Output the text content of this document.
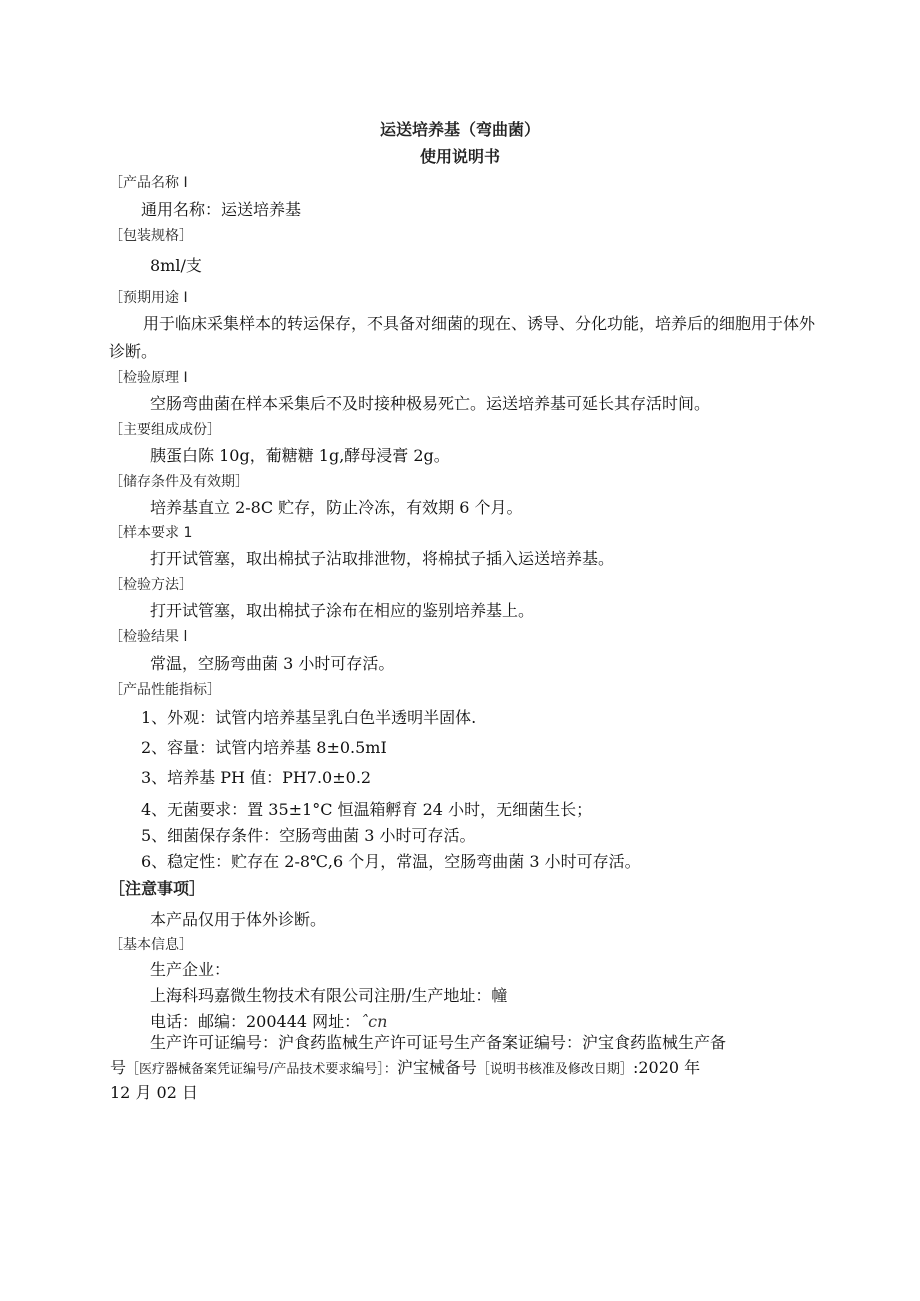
运送培养基（弯曲菌）
使用说明书
［产品名称 I
通用名称：运送培养基
［包装规格］
8ml/支
［预期用途 I
用于临床采集样本的转运保存，不具备对细菌的现在、诱导、分化功能，培养后的细胞用于体外诊断。
［检验原理 I
空肠弯曲菌在样本采集后不及时接种极易死亡。运送培养基可延长其存活时间。
［主要组成成份］
胰蛋白陈 10g，葡糖糖 1g,酵母浸膏 2g。
［储存条件及有效期］
培养基直立 2-8C 贮存，防止冷冻，有效期 6 个月。
［样本要求 1
打开试管塞，取出棉拭子沾取排泄物，将棉拭子插入运送培养基。
［检验方法］
打开试管塞，取出棉拭子涂布在相应的鉴别培养基上。
［检验结果 l
常温，空肠弯曲菌 3 小时可存活。
［产品性能指标］
1、外观：试管内培养基呈乳白色半透明半固体.
2、容量：试管内培养基 8±0.5mI
3、培养基 PH 值：PH7.0±0.2
4、无菌要求：置 35±1°C 恒温箱孵育 24 小时，无细菌生长；
5、细菌保存条件：空肠弯曲菌 3 小时可存活。
6、稳定性：贮存在 2-8℃,6 个月，常温，空肠弯曲菌 3 小时可存活。
［注意事项］
本产品仅用于体外诊断。
［基本信息］
生产企业：
上海科玛嘉微生物技术有限公司注册/生产地址：幢
电话：邮编：200444 网址：ˆcn
生产许可证编号：沪食药监械生产许可证号生产备案证编号：沪宝食药监械生产备
号［医疗器械备案凭证编号/产品技术要求编号］：沪宝械备号［说明书核准及修改日期］:2020 年
12 月 02 日
